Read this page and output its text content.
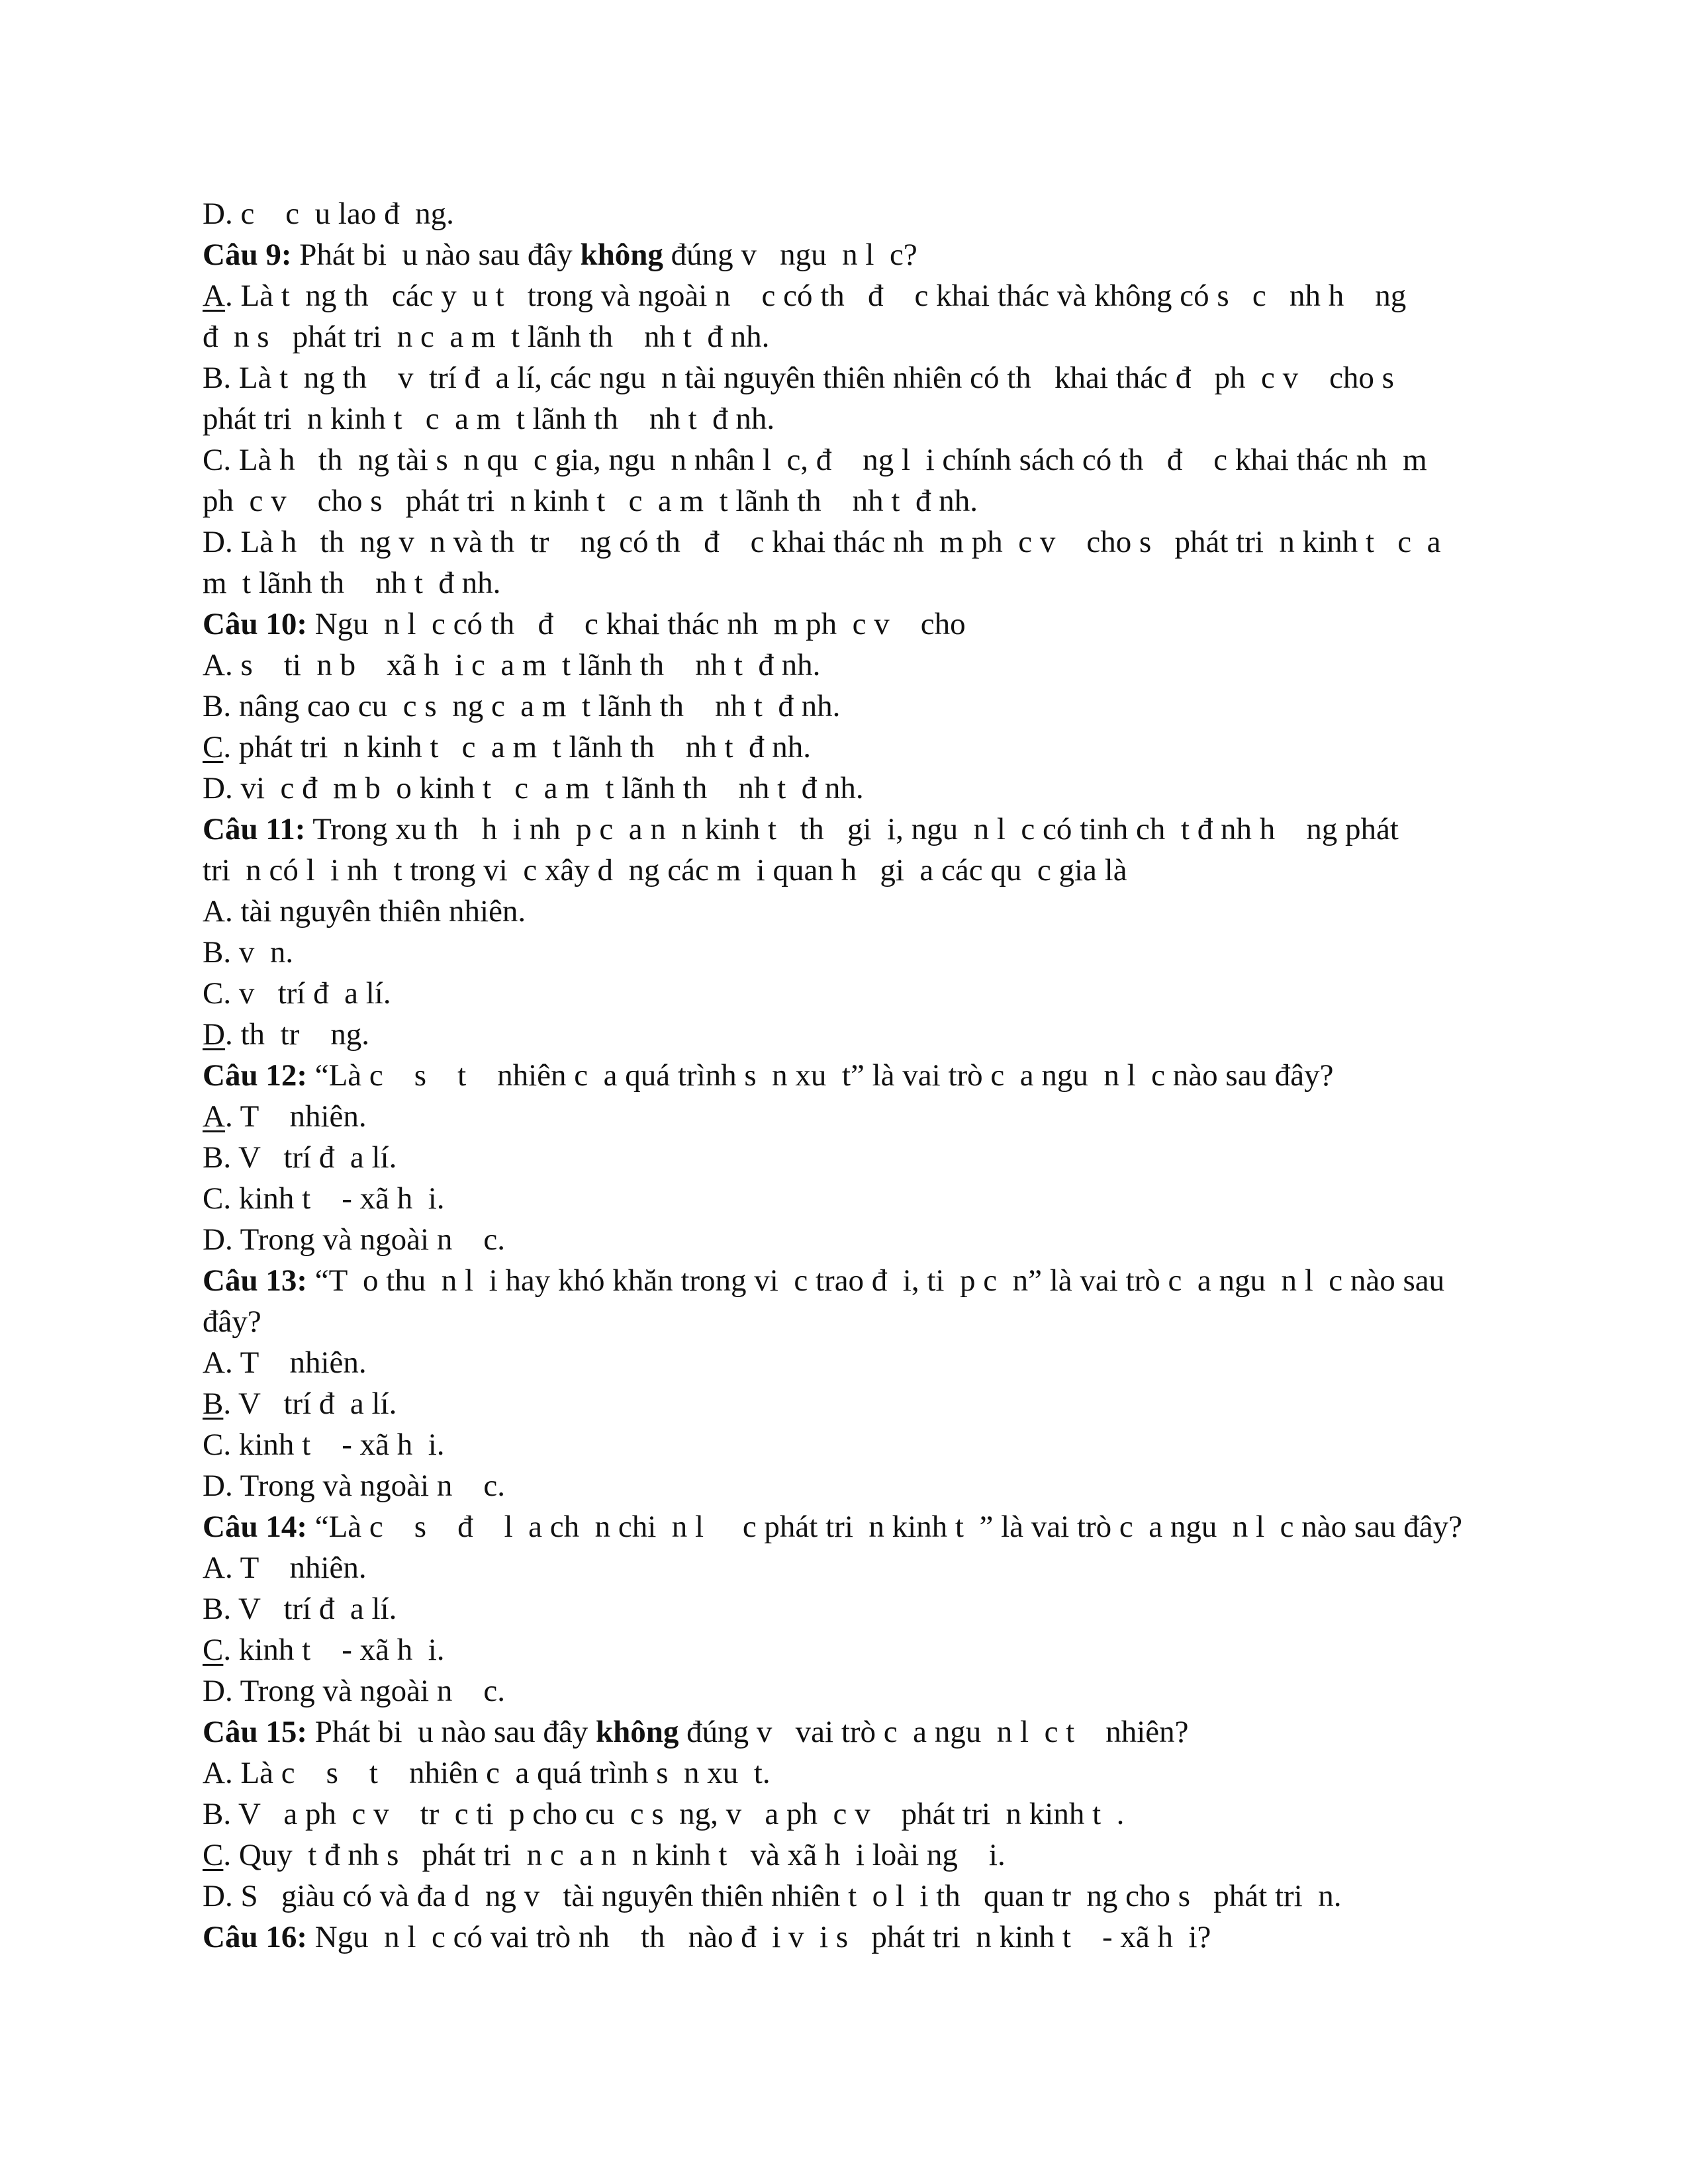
D. c    c  u lao đ  ng.
Câu 9: Phát bi  u nào sau đây không đúng v   ngu  n l  c?
A. Là t  ng th   các y  u t   trong và ngoài n    c có th   đ    c khai thác và không có s   c   nh h    ng
đ  n s   phát tri  n c  a m  t lãnh th    nh t  đ nh.
B. Là t  ng th    v  trí đ  a lí, các ngu  n tài nguyên thiên nhiên có th   khai thác đ   ph  c v    cho s
phát tri  n kinh t   c  a m  t lãnh th    nh t  đ nh.
C. Là h   th  ng tài s  n qu  c gia, ngu  n nhân l  c, đ    ng l  i chính sách có th   đ    c khai thác nh  m
ph  c v    cho s   phát tri  n kinh t   c  a m  t lãnh th    nh t  đ nh.
D. Là h   th  ng v  n và th  tr    ng có th   đ    c khai thác nh  m ph  c v    cho s   phát tri  n kinh t   c  a
m  t lãnh th    nh t  đ nh.
Câu 10: Ngu  n l  c có th   đ    c khai thác nh  m ph  c v    cho
A. s    ti  n b    xã h  i c  a m  t lãnh th    nh t  đ nh.
B. nâng cao cu  c s  ng c  a m  t lãnh th    nh t  đ nh.
C. phát tri  n kinh t   c  a m  t lãnh th    nh t  đ nh.
D. vi  c đ  m b  o kinh t   c  a m  t lãnh th    nh t  đ nh.
Câu 11: Trong xu th   h  i nh  p c  a n  n kinh t   th   gi  i, ngu  n l  c có tinh ch  t đ nh h    ng phát
tri  n có l  i nh  t trong vi  c xây d  ng các m  i quan h   gi  a các qu  c gia là
A. tài nguyên thiên nhiên.
B. v  n.
C. v   trí đ  a lí.
D. th  tr    ng.
Câu 12: “Là c    s    t    nhiên c  a quá trình s  n xu  t” là vai trò c  a ngu  n l  c nào sau đây?
A. T    nhiên.
B. V   trí đ  a lí.
C. kinh t    - xã h  i.
D. Trong và ngoài n    c.
Câu 13: “T  o thu  n l  i hay khó khăn trong vi  c trao đ  i, ti  p c  n” là vai trò c  a ngu  n l  c nào sau
đây?
A. T    nhiên.
B. V   trí đ  a lí.
C. kinh t    - xã h  i.
D. Trong và ngoài n    c.
Câu 14: “Là c    s    đ    l  a ch  n chi  n l     c phát tri  n kinh t  ” là vai trò c  a ngu  n l  c nào sau đây?
A. T    nhiên.
B. V   trí đ  a lí.
C. kinh t    - xã h  i.
D. Trong và ngoài n    c.
Câu 15: Phát bi  u nào sau đây không đúng v   vai trò c  a ngu  n l  c t    nhiên?
A. Là c    s    t    nhiên c  a quá trình s  n xu  t.
B. V   a ph  c v    tr  c ti  p cho cu  c s  ng, v   a ph  c v    phát tri  n kinh t  .
C. Quy  t đ nh s   phát tri  n c  a n  n kinh t   và xã h  i loài ng    i.
D. S   giàu có và đa d  ng v   tài nguyên thiên nhiên t  o l  i th   quan tr  ng cho s   phát tri  n.
Câu 16: Ngu  n l  c có vai trò nh    th   nào đ  i v  i s   phát tri  n kinh t    - xã h  i?
